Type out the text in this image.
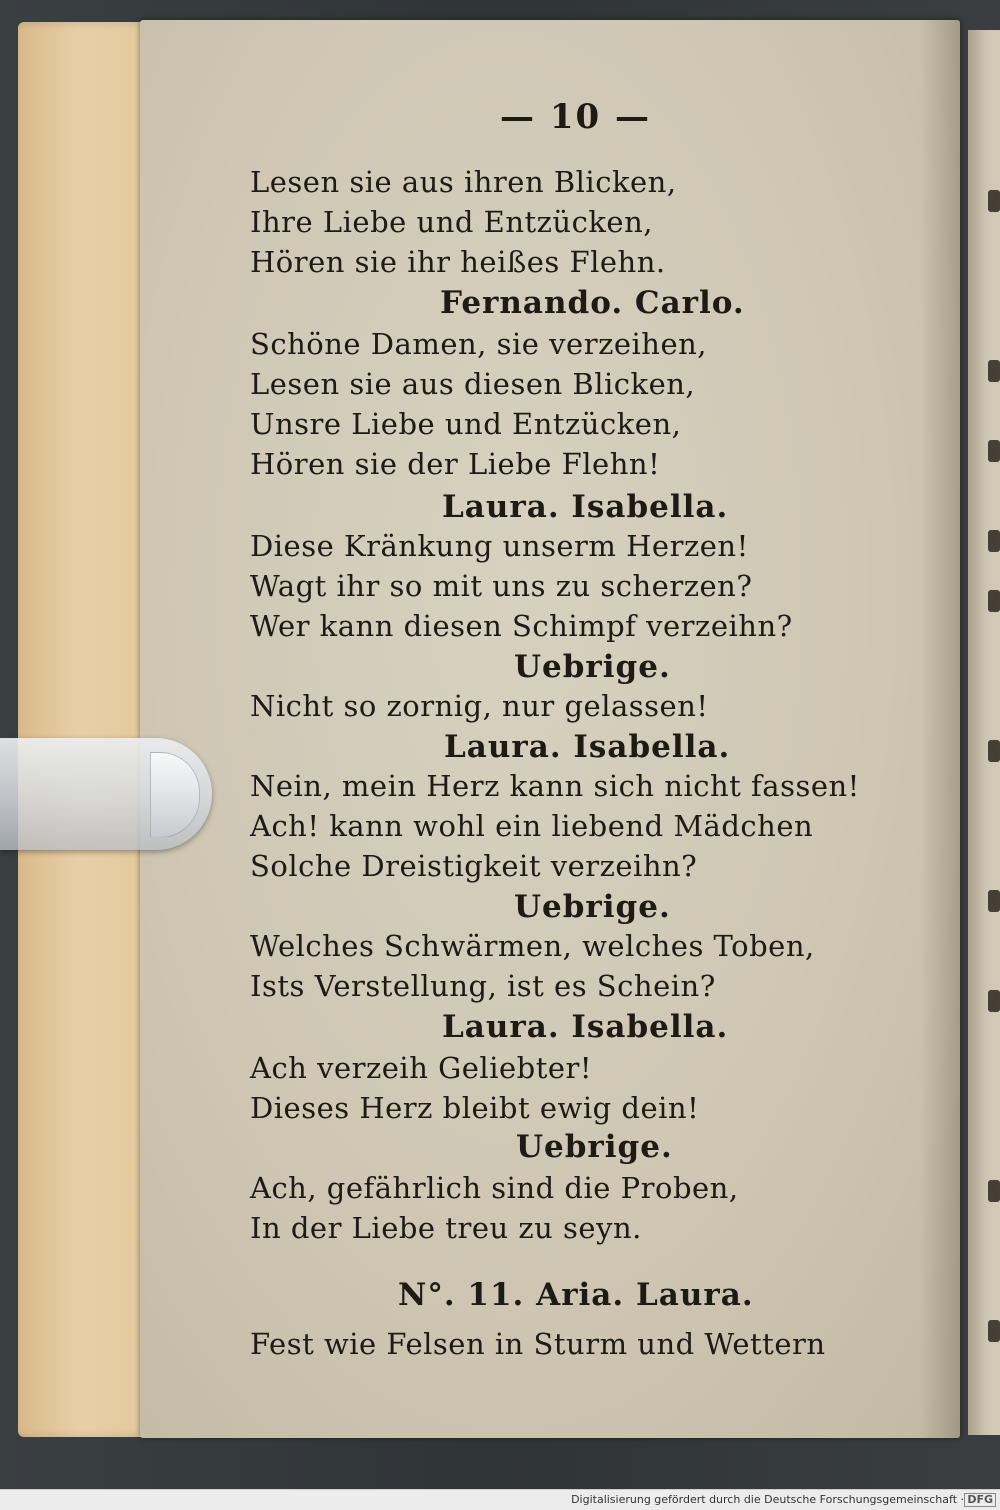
— 10 —
Lesen sie aus ihren Blicken,
Ihre Liebe und Entzücken,
Hören sie ihr heißes Flehn.
Fernando. Carlo.
Schöne Damen, sie verzeihen,
Lesen sie aus diesen Blicken,
Unsre Liebe und Entzücken,
Hören sie der Liebe Flehn!
Laura. Isabella.
Diese Kränkung unserm Herzen!
Wagt ihr so mit uns zu scherzen?
Wer kann diesen Schimpf verzeihn?
Uebrige.
Nicht so zornig, nur gelassen!
Laura. Isabella.
Nein, mein Herz kann sich nicht fassen!
Ach! kann wohl ein liebend Mädchen
Solche Dreistigkeit verzeihn?
Uebrige.
Welches Schwärmen, welches Toben,
Ists Verstellung, ist es Schein?
Laura. Isabella.
Ach verzeih Geliebter!
Dieses Herz bleibt ewig dein!
Uebrige.
Ach, gefährlich sind die Proben,
In der Liebe treu zu seyn.
N°. 11. Aria. Laura.
Fest wie Felsen in Sturm und Wettern
Digitalisierung gefördert durch die Deutsche Forschungsgemeinschaft · DFG
